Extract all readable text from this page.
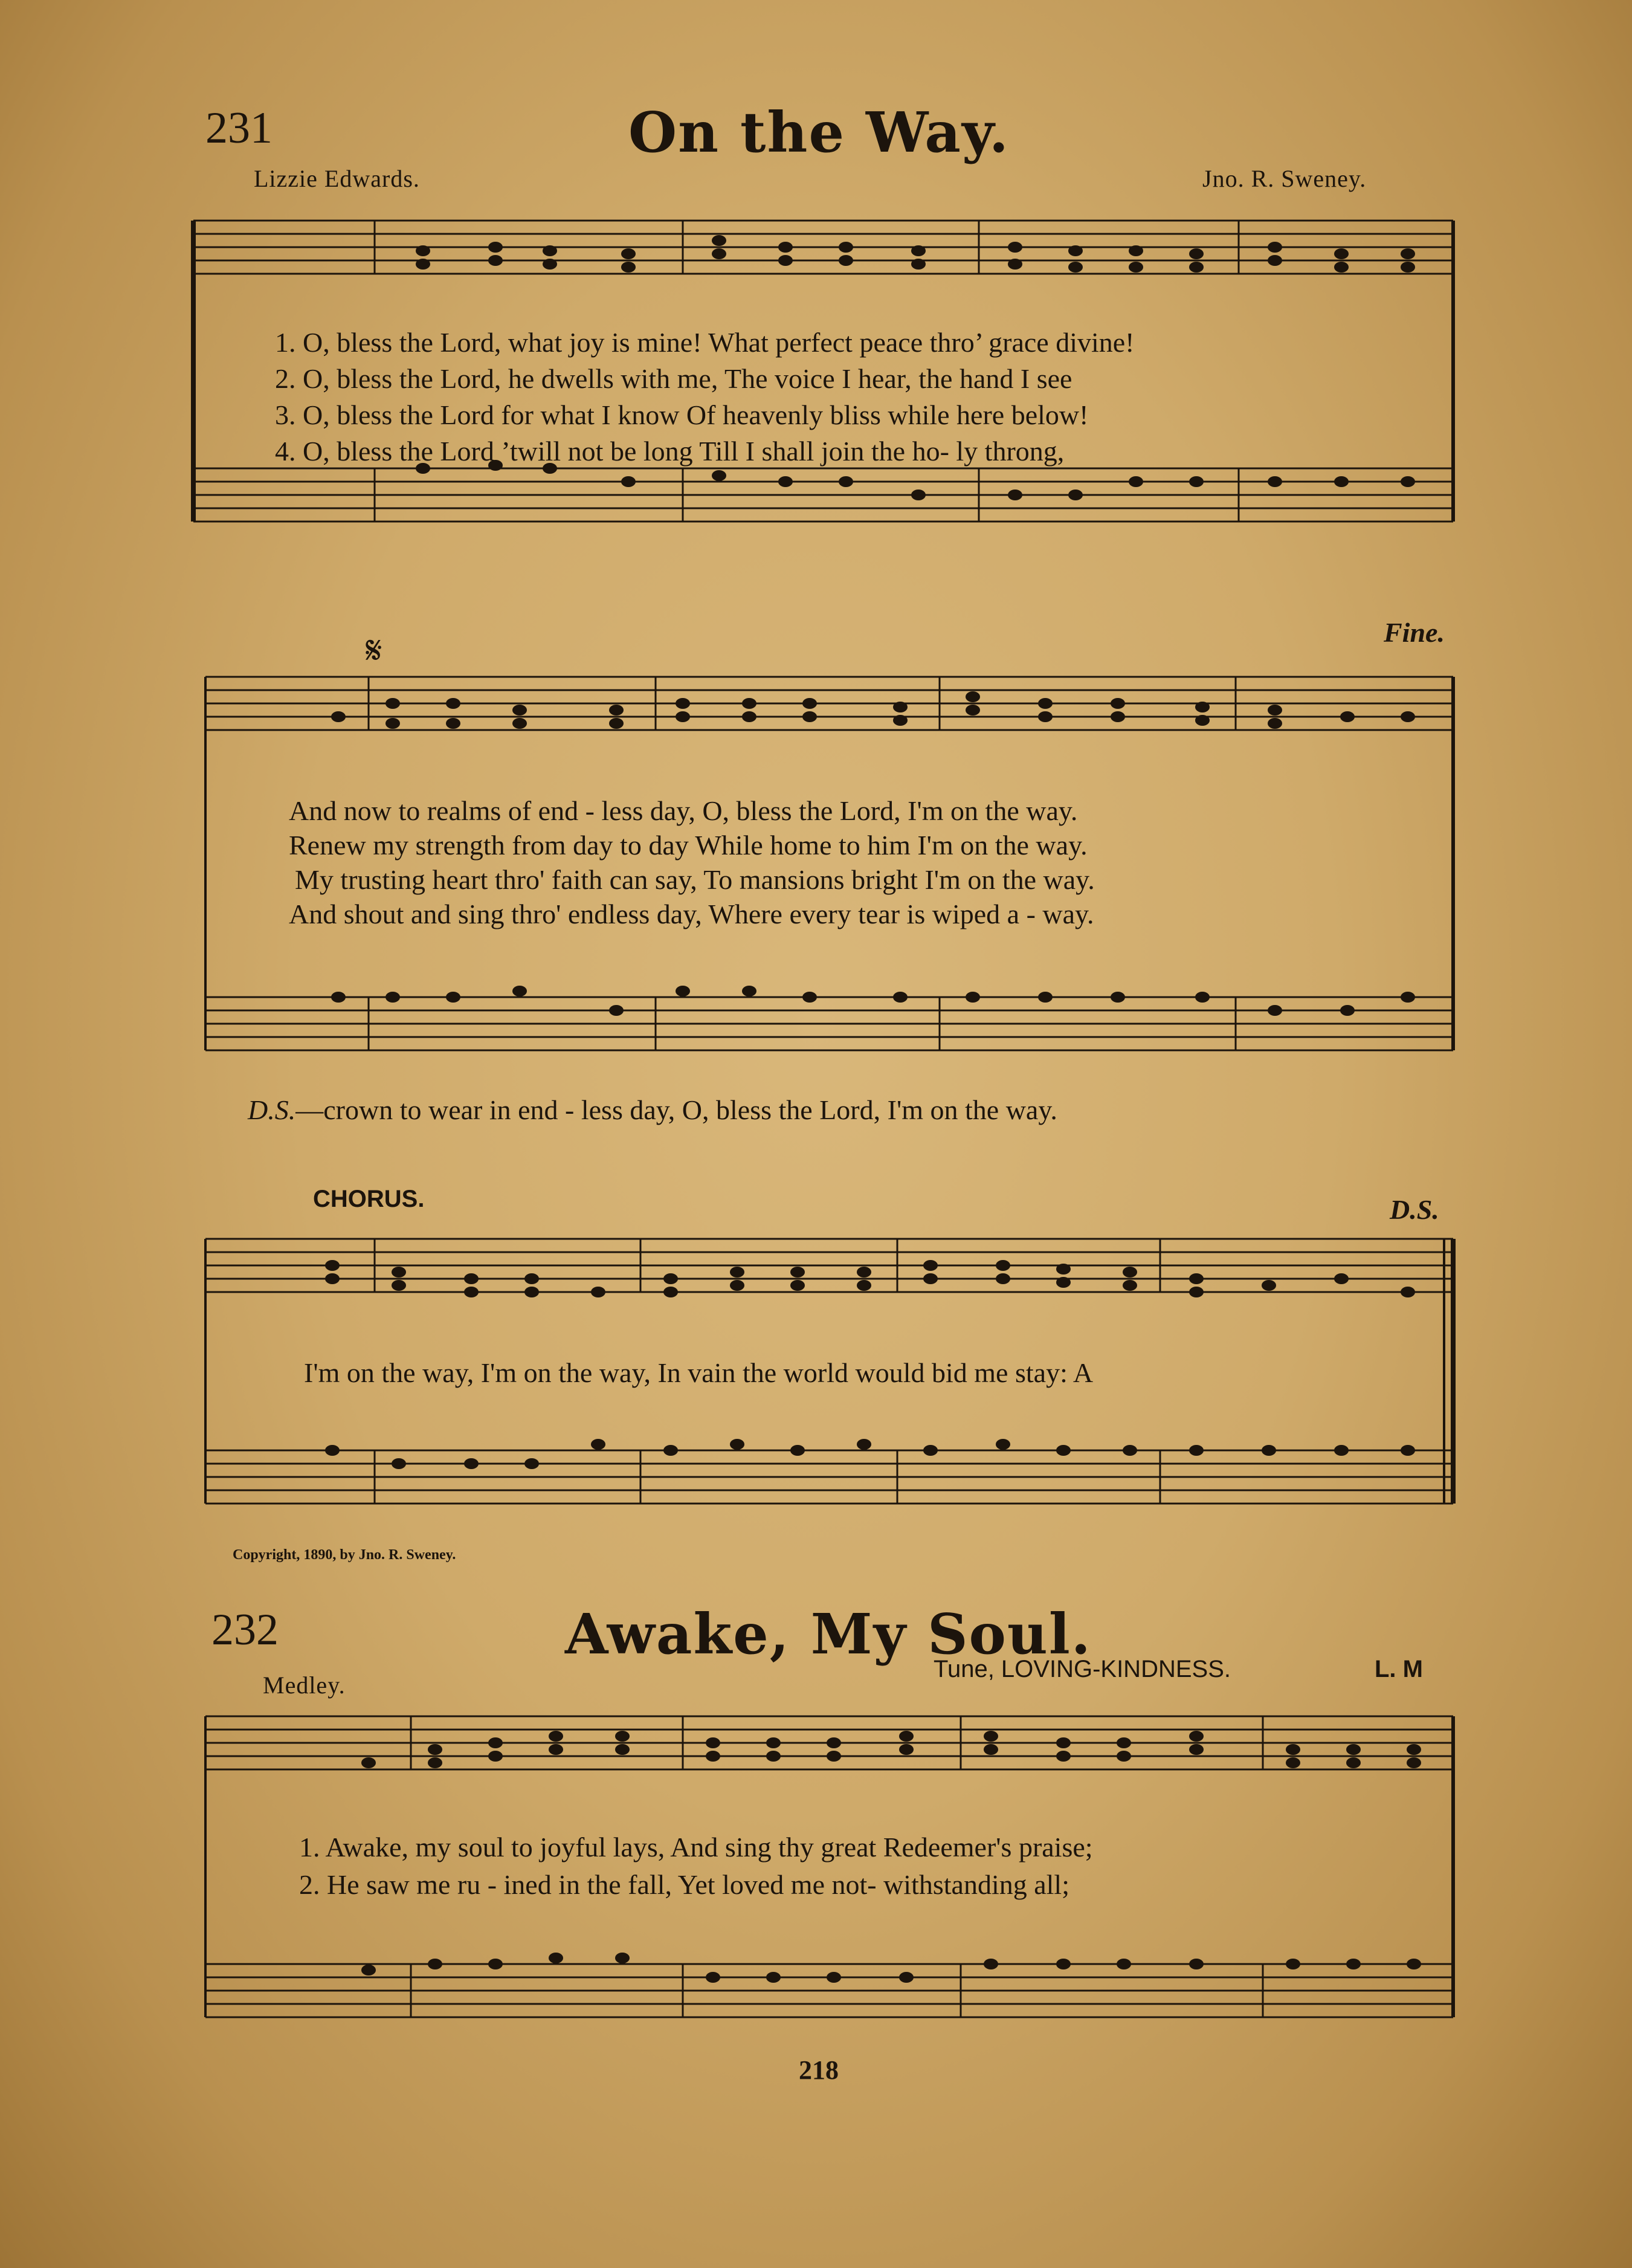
231	On the Way.
Lizzie Edwards.	Jno. R. Sweney.
1. O, bless the Lord, what joy is mine! What perfect peace thro’ grace divine!
2. O, bless the Lord, he dwells with me, The voice I hear, the hand I see
3. O, bless the Lord for what I know Of heavenly bliss while here below!
4. O, bless the Lord ’twill not be long Till I shall join the ho- ly throng,
𝄋	Fine.
And now to realms of end - less day, O, bless the Lord, I'm on the way.
Renew my strength from day to day While home to him I'm on the way.
My trusting heart thro' faith can say, To mansions bright I'm on the way.
And shout and sing thro' endless day, Where every tear is wiped a - way.
D.S.—crown to wear in end - less day, O, bless the Lord, I'm on the way.
CHORUS.	D.S.
I'm on the way, I'm on the way, In vain the world would bid me stay: A
Copyright, 1890, by Jno. R. Sweney.
232	Awake, My Soul.
Medley.
Tune, LOVING-KINDNESS.	L. M
1. Awake, my soul to joyful lays, And sing thy great Redeemer's praise;
2. He saw me ru - ined in the fall, Yet loved me not- withstanding all;
218
